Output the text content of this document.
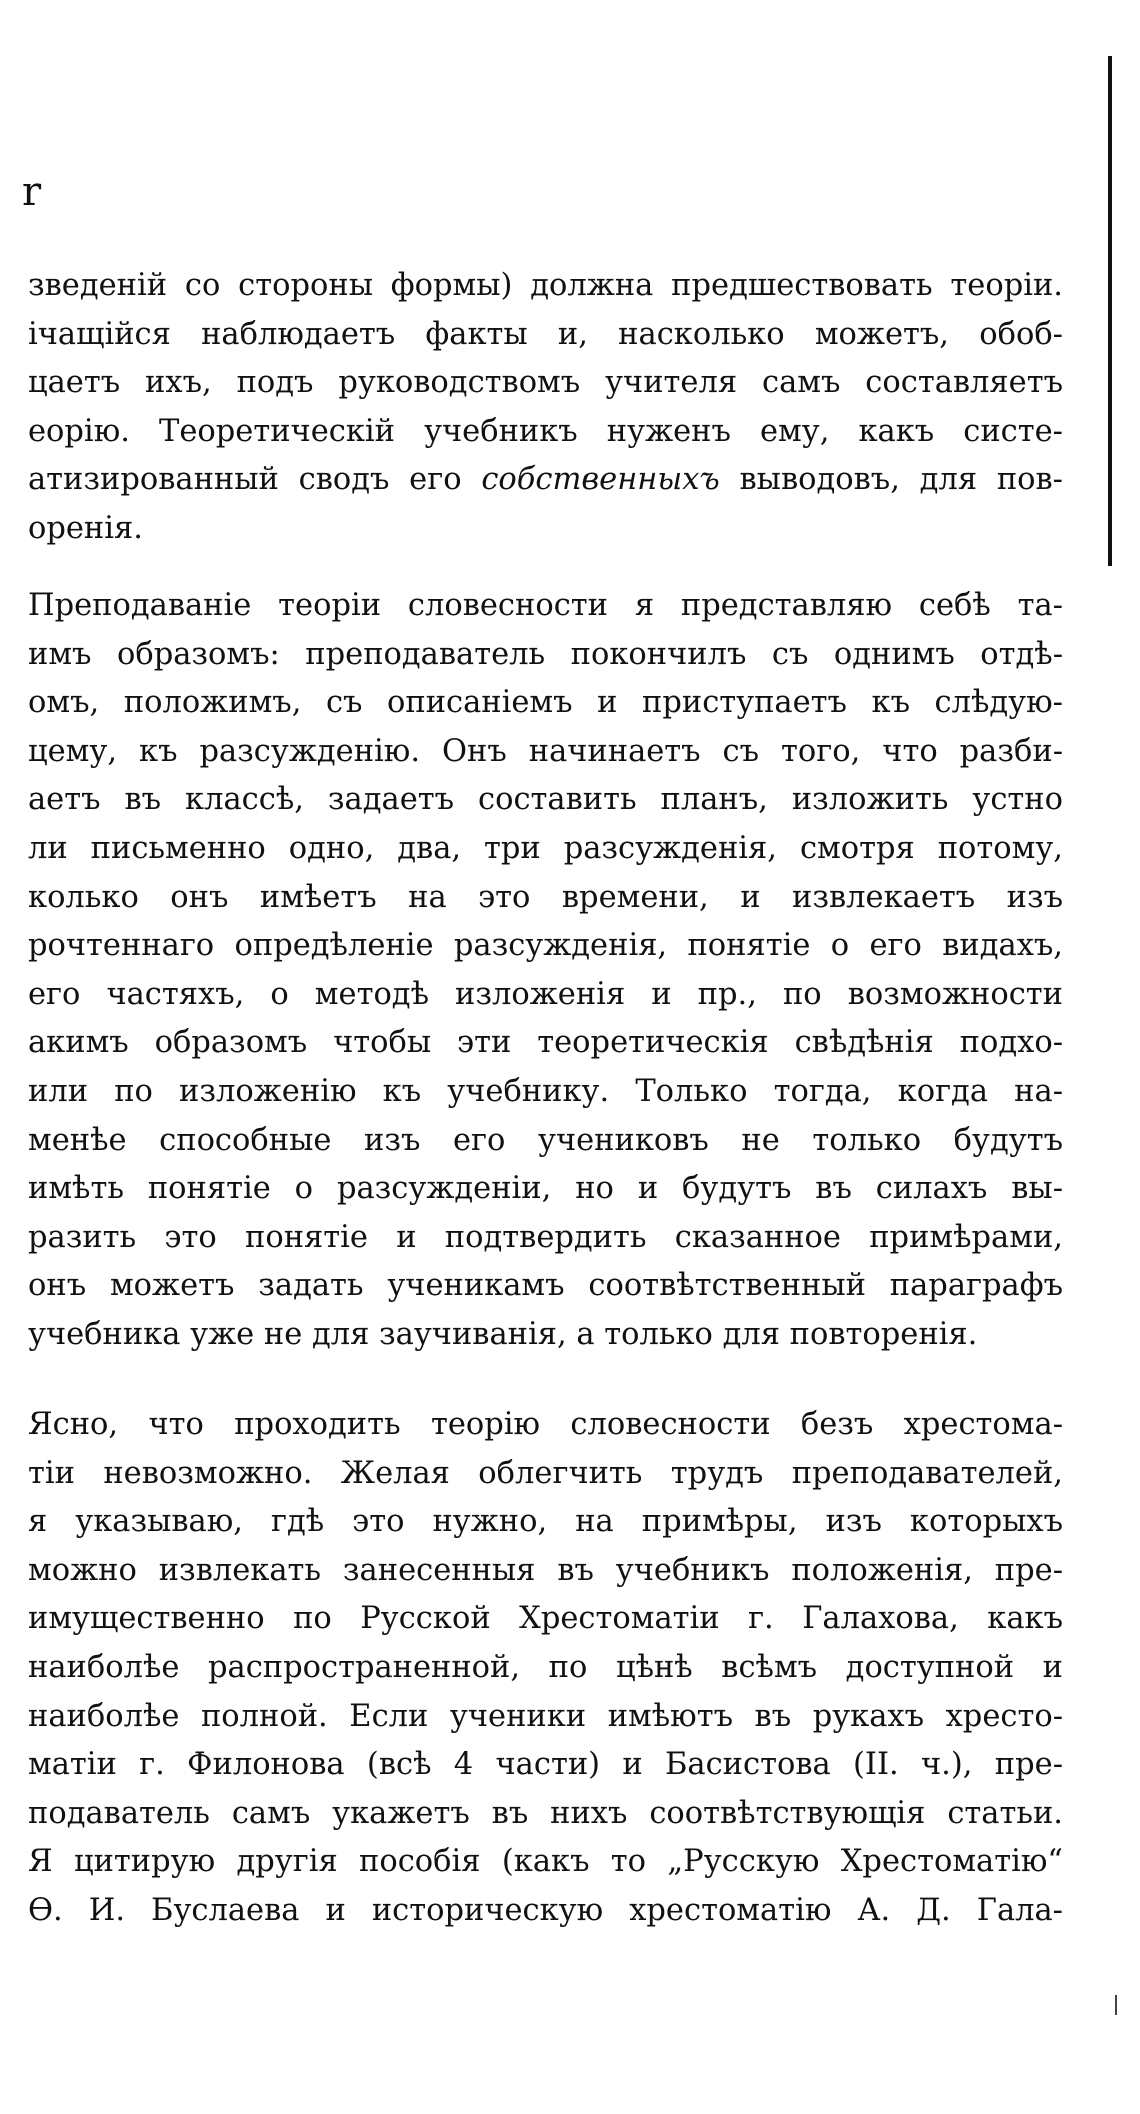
r
зведеній со стороны формы) должна предшествовать теоріи.
ічащійся наблюдаетъ факты и, насколько можетъ, обоб-
цаетъ ихъ, подъ руководствомъ учителя самъ составляетъ
еорію. Теоретическій учебникъ нуженъ ему, какъ систе-
атизированный сводъ его собственныхъ выводовъ, для пов-
оренія.
Преподаваніе теоріи словесности я представляю себѣ та-
имъ образомъ: преподаватель покончилъ съ однимъ отдѣ-
омъ, положимъ, съ описаніемъ и приступаетъ къ слѣдую-
цему, къ разсужденію. Онъ начинаетъ съ того, что разби-
аетъ въ классѣ, задаетъ составить планъ, изложить устно
ли письменно одно, два, три разсужденія, смотря потому,
колько онъ имѣетъ на это времени, и извлекаетъ изъ
рочтеннаго опредѣленіе разсужденія, понятіе о его видахъ,
его частяхъ, о методѣ изложенія и пр., по возможности
акимъ образомъ чтобы эти теоретическія свѣдѣнія подхо-
или по изложенію къ учебнику. Только тогда, когда на-
менѣе способные изъ его учениковъ не только будутъ
имѣть понятіе о разсужденіи, но и будутъ въ силахъ вы-
разить это понятіе и подтвердить сказанное примѣрами,
онъ можетъ задать ученикамъ соотвѣтственный параграфъ
учебника уже не для заучиванія, а только для повторенія.
Ясно, что проходить теорію словесности безъ хрестома-
тіи невозможно. Желая облегчить трудъ преподавателей,
я указываю, гдѣ это нужно, на примѣры, изъ которыхъ
можно извлекать занесенныя въ учебникъ положенія, пре-
имущественно по Русской Хрестоматіи г. Галахова, какъ
наиболѣе распространенной, по цѣнѣ всѣмъ доступной и
наиболѣе полной. Если ученики имѣютъ въ рукахъ хресто-
матіи г. Филонова (всѣ 4 части) и Басистова (II. ч.), пре-
подаватель самъ укажетъ въ нихъ соотвѣтствующія статьи.
Я цитирую другія пособія (какъ то „Русскую Хрестоматію“
Ѳ. И. Буслаева и историческую хрестоматію А. Д. Гала-
